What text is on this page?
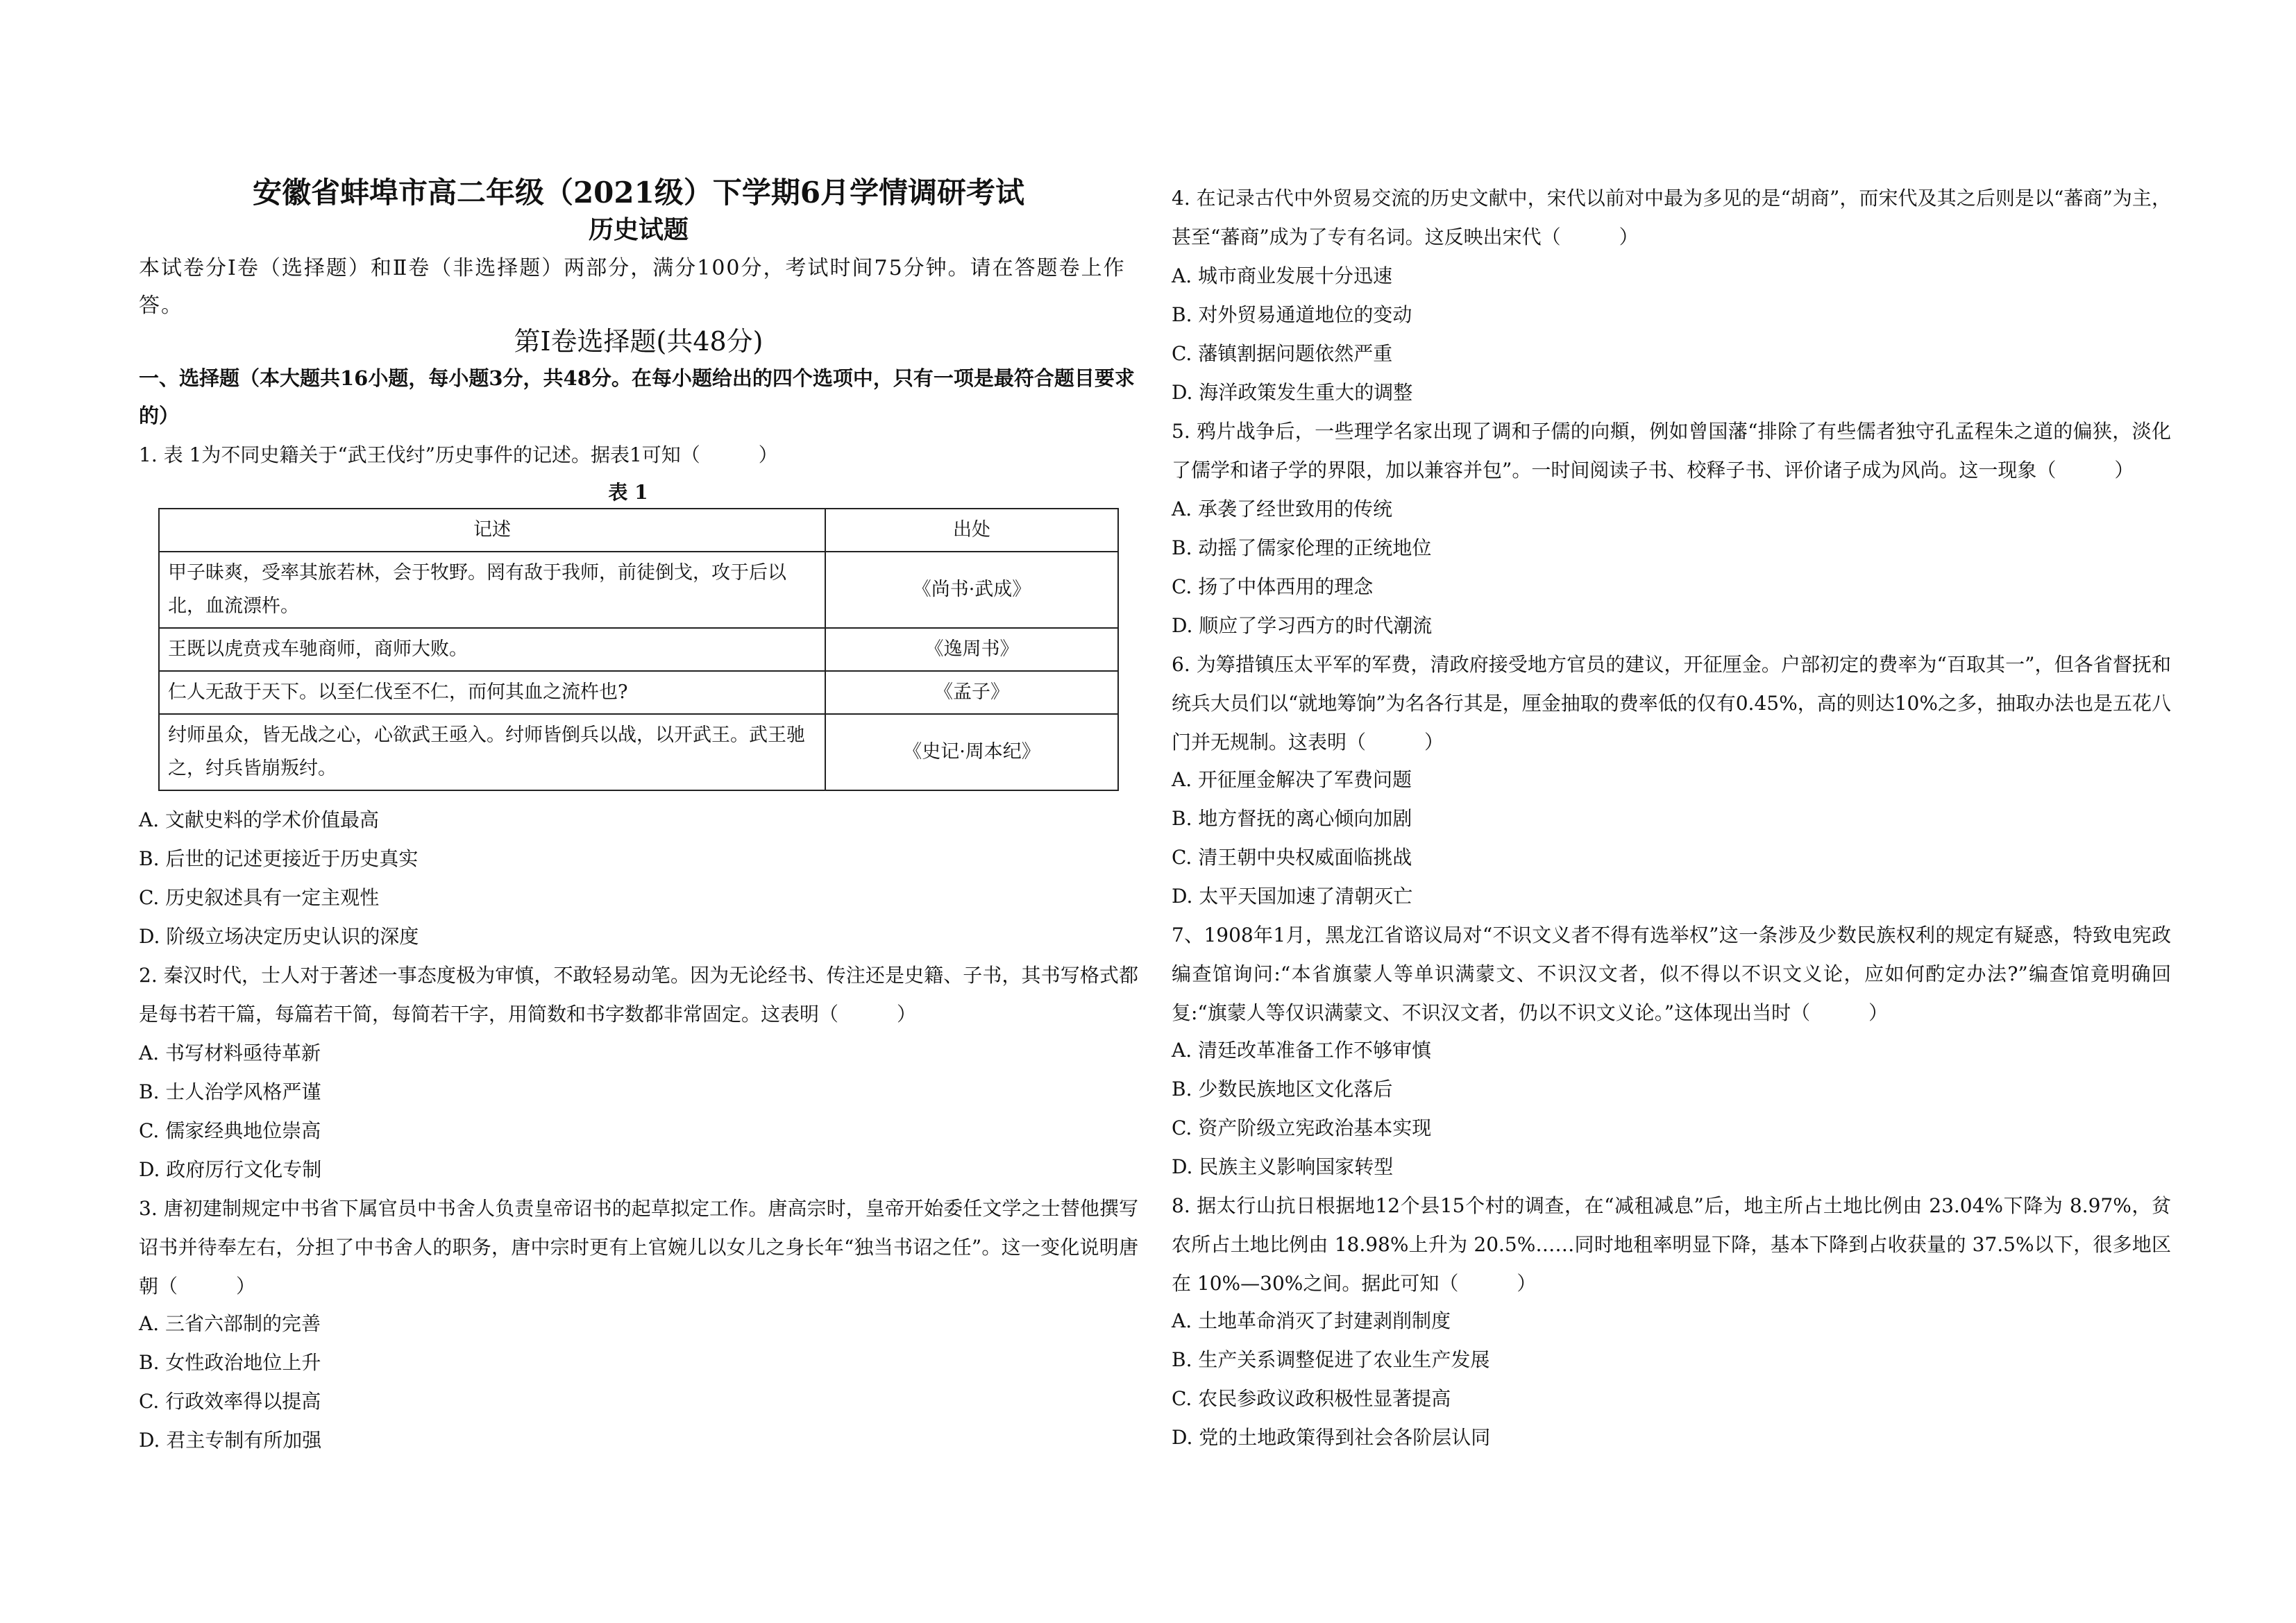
安徽省蚌埠市高二年级（2021级）下学期6月学情调研考试
历史试题
本试卷分Ⅰ卷（选择题）和Ⅱ卷（非选择题）两部分，满分100分，考试时间75分钟。请在答题卷上作答。
第Ⅰ卷选择题(共48分)
一、选择题（本大题共16小题，每小题3分，共48分。在每小题给出的四个选项中，只有一项是最符合题目要求的）
1. 表 1为不同史籍关于“武王伐纣”历史事件的记述。据表1可知（　　　）
表 1
记述	出处
甲子昧爽，受率其旅若林，会于牧野。罔有敌于我师，前徒倒戈，攻于后以北，血流漂杵。	《尚书·武成》
王既以虎贲戎车驰商师，商师大败。	《逸周书》
仁人无敌于天下。以至仁伐至不仁，而何其血之流杵也?	《孟子》
纣师虽众，皆无战之心，心欲武王亟入。纣师皆倒兵以战，以开武王。武王驰之，纣兵皆崩叛纣。	《史记·周本纪》
A. 文献史料的学术价值最高
B. 后世的记述更接近于历史真实
C. 历史叙述具有一定主观性
D. 阶级立场决定历史认识的深度
2. 秦汉时代，士人对于著述一事态度极为审慎，不敢轻易动笔。因为无论经书、传注还是史籍、子书，其书写格式都是每书若干篇，每篇若干简，每简若干字，用简数和书字数都非常固定。这表明（　　　）
A. 书写材料亟待革新
B. 士人治学风格严谨
C. 儒家经典地位崇高
D. 政府厉行文化专制
3. 唐初建制规定中书省下属官员中书舍人负责皇帝诏书的起草拟定工作。唐高宗时，皇帝开始委任文学之士替他撰写诏书并待奉左右，分担了中书舍人的职务，唐中宗时更有上官婉儿以女儿之身长年“独当书诏之任”。这一变化说明唐朝（　　　）
A. 三省六部制的完善
B. 女性政治地位上升
C. 行政效率得以提高
D. 君主专制有所加强
4. 在记录古代中外贸易交流的历史文献中，宋代以前对中最为多见的是“胡商”，而宋代及其之后则是以“蕃商”为主，甚至“蕃商”成为了专有名词。这反映出宋代（　　　）
A. 城市商业发展十分迅速
B. 对外贸易通道地位的变动
C. 藩镇割据问题依然严重
D. 海洋政策发生重大的调整
5. 鸦片战争后，一些理学名家出现了调和子儒的向頫，例如曾国藩“排除了有些儒者独守孔孟程朱之道的偏狭，淡化了儒学和诸子学的界限，加以兼容并包”。一时间阅读子书、校释子书、评价诸子成为风尚。这一现象（　　　）
A. 承袭了经世致用的传统
B. 动摇了儒家伦理的正统地位
C. 扬了中体西用的理念
D. 顺应了学习西方的时代潮流
6. 为筹措镇压太平军的军费，清政府接受地方官员的建议，开征厘金。户部初定的费率为“百取其一”，但各省督抚和统兵大员们以“就地筹饷”为名各行其是，厘金抽取的费率低的仅有0.45%，高的则达10%之多，抽取办法也是五花八门并无规制。这表明（　　　）
A. 开征厘金解决了军费问题
B. 地方督抚的离心倾向加剧
C. 清王朝中央权威面临挑战
D. 太平天国加速了清朝灭亡
7、1908年1月，黑龙江省谘议局对“不识文义者不得有选举权”这一条涉及少数民族权利的规定有疑惑，特致电宪政编查馆询问:“本省旗蒙人等单识满蒙文、不识汉文者，似不得以不识文义论，应如何酌定办法?”编查馆竟明确回复:“旗蒙人等仅识满蒙文、不识汉文者，仍以不识文义论。”这体现出当时（　　　）
A. 清廷改革准备工作不够审慎
B. 少数民族地区文化落后
C. 资产阶级立宪政治基本实现
D. 民族主义影响国家转型
8. 据太行山抗日根据地12个县15个村的调查，在“减租减息”后，地主所占土地比例由 23.04%下降为 8.97%，贫农所占土地比例由 18.98%上升为 20.5%……同时地租率明显下降，基本下降到占收获量的 37.5%以下，很多地区在 10%—30%之间。据此可知（　　　）
A. 土地革命消灭了封建剥削制度
B. 生产关系调整促进了农业生产发展
C. 农民参政议政积极性显著提高
D. 党的土地政策得到社会各阶层认同
